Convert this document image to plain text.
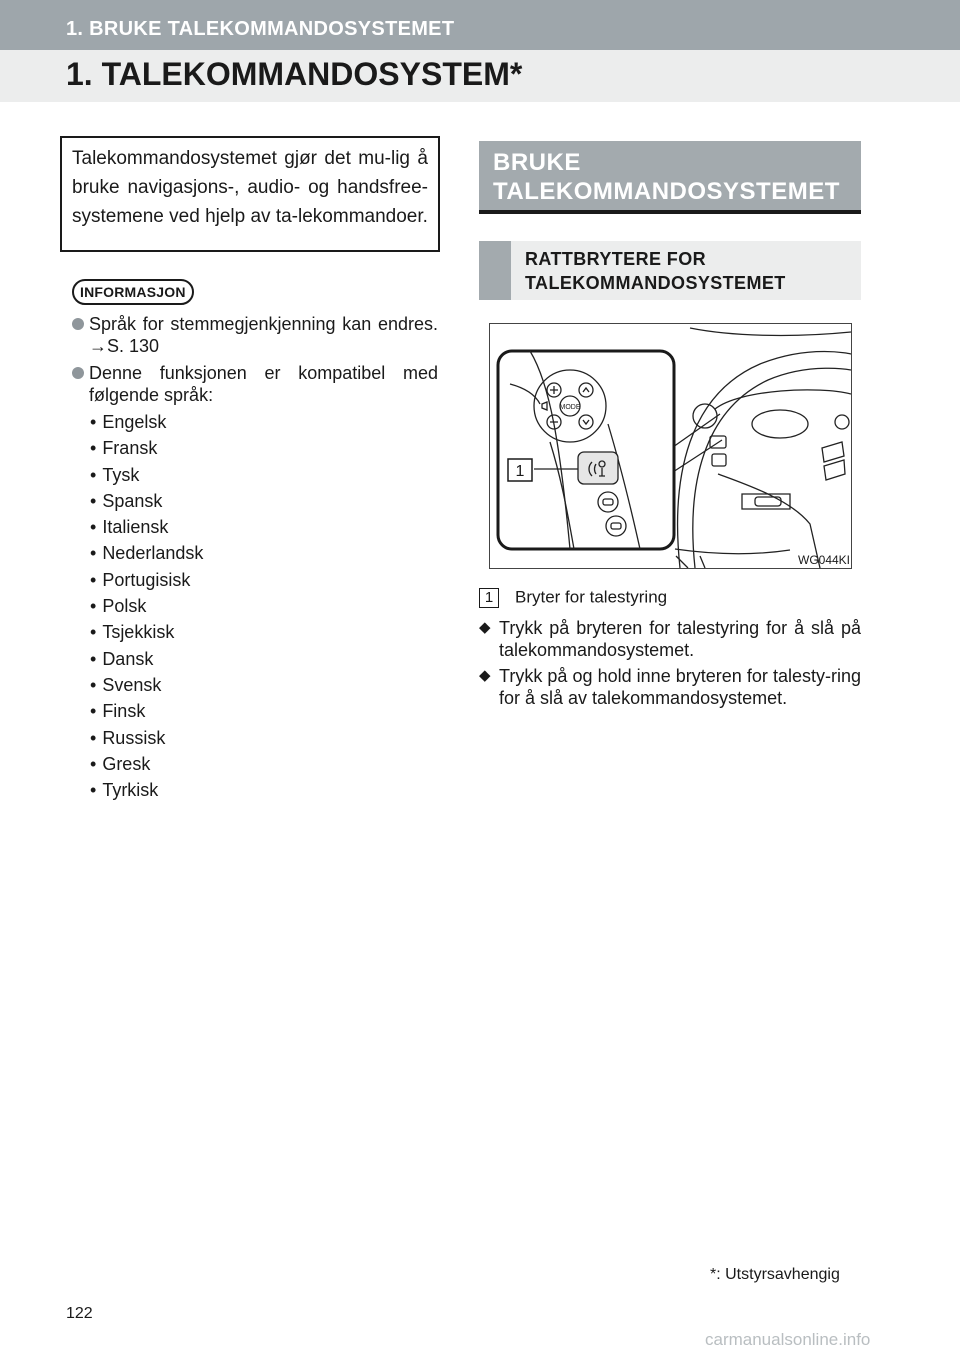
1. BRUKE TALEKOMMANDOSYSTEMET
1. TALEKOMMANDOSYSTEM*
Talekommandosystemet gjør det mu-lig å bruke navigasjons-, audio- og handsfree-systemene ved hjelp av ta-lekommandoer.
INFORMASJON
Språk for stemmegjenkjenning kan endres. →S. 130
Denne funksjonen er kompatibel med følgende språk:
• Engelsk
• Fransk
• Tysk
• Spansk
• Italiensk
• Nederlandsk
• Portugisisk
• Polsk
• Tsjekkisk
• Dansk
• Svensk
• Finsk
• Russisk
• Gresk
• Tyrkisk
BRUKE TALEKOMMANDOSYSTEMET
RATTBRYTERE FOR TALEKOMMANDOSYSTEMET
MODE
1
WG044KI
1 Bryter for talestyring
◆ Trykk på bryteren for talestyring for å slå på talekommandosystemet.
◆ Trykk på og hold inne bryteren for talesty-ring for å slå av talekommandosystemet.
*: Utstyrsavhengig
122
carmanualsonline.info
